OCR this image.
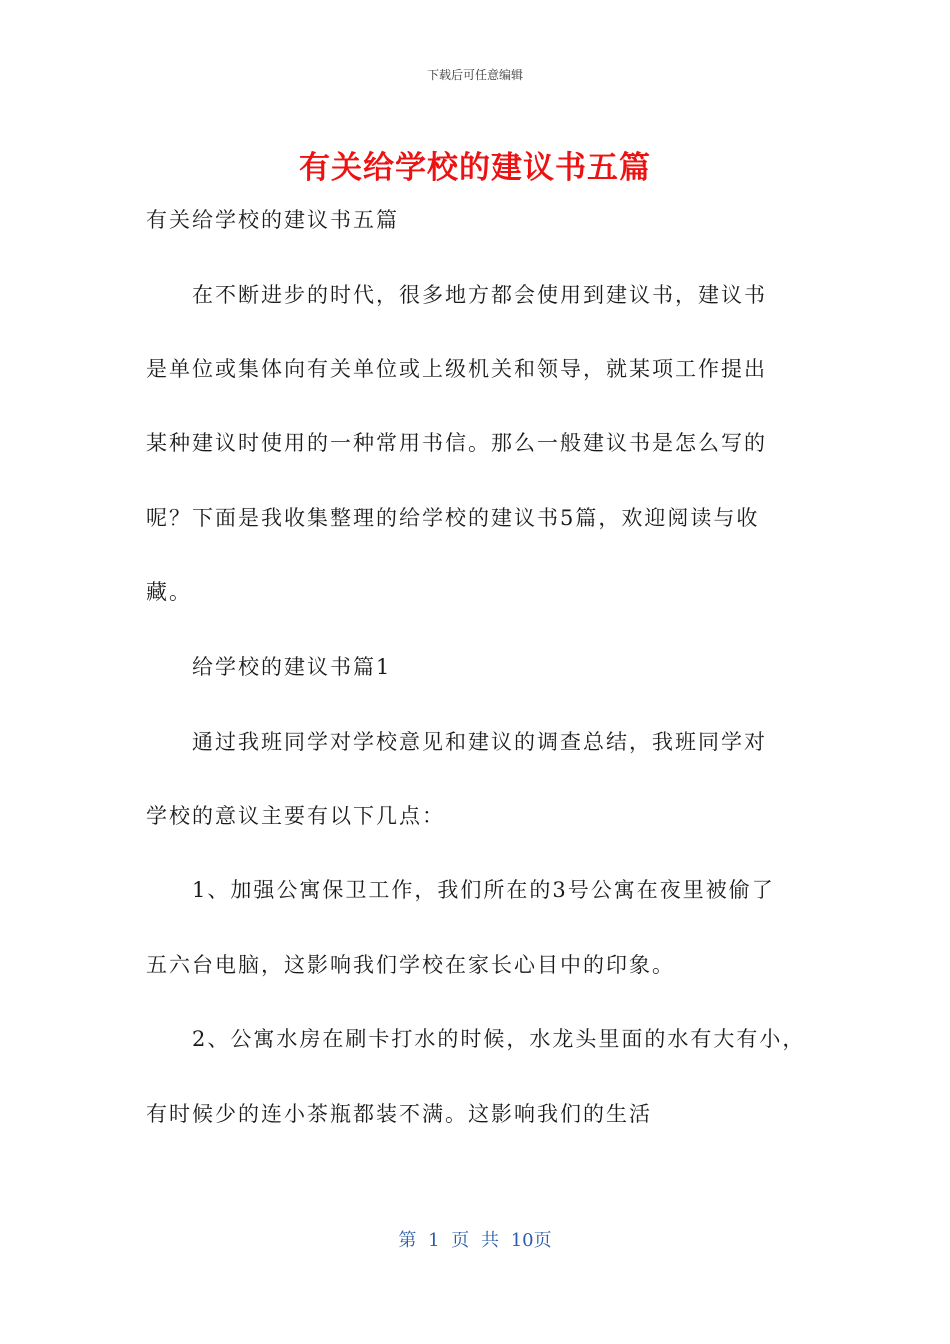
下载后可任意编辑
有关给学校的建议书五篇
有关给学校的建议书五篇
在不断进步的时代，很多地方都会使用到建议书，建议书
是单位或集体向有关单位或上级机关和领导，就某项工作提出
某种建议时使用的一种常用书信。那么一般建议书是怎么写的
呢？下面是我收集整理的给学校的建议书5篇，欢迎阅读与收
藏。
给学校的建议书篇1
通过我班同学对学校意见和建议的调查总结，我班同学对
学校的意议主要有以下几点：
1、加强公寓保卫工作，我们所在的3号公寓在夜里被偷了
五六台电脑，这影响我们学校在家长心目中的印象。
2、公寓水房在刷卡打水的时候，水龙头里面的水有大有小，
有时候少的连小茶瓶都装不满。这影响我们的生活
第 1 页 共 10页
